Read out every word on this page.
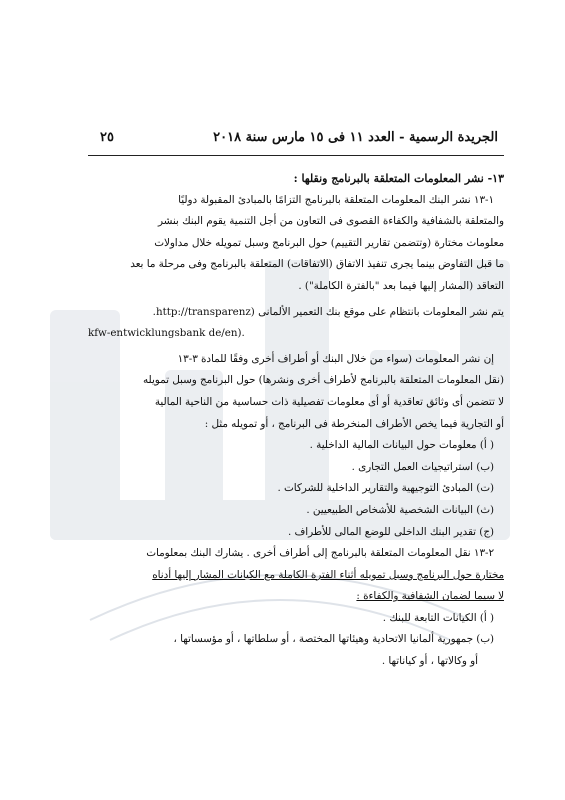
الجريدة الرسمية - العدد ١١ فى ١٥ مارس سنة ٢٠١٨
٢٥

١٣- نشر المعلومات المتعلقة بالبرنامج ونقلها :

١-١٣ نشر البنك المعلومات المتعلقة بالبرنامج التزامًا بالمبادئ المقبولة دوليًا

والمتعلقة بالشفافية والكفاءة القصوى فى التعاون من أجل التنمية يقوم البنك بنشر

معلومات مختارة (وتتضمن تقارير التقييم) حول البرنامج وسبل تمويله خلال مداولات

ما قبل التفاوض بينما يجرى تنفيذ الاتفاق (الاتفاقات) المتعلقة بالبرنامج وفى مرحلة ما بعد

التعاقد (المشار إليها فيما بعد "بالفترة الكاملة") .

يتم نشر المعلومات بانتظام على موقع بنك التعمير الألمانى (http://transparenz.

kfw-entwicklungsbank de/en).

إن نشر المعلومات (سواء من خلال البنك أو أطراف أخرى وفقًا للمادة ٣-١٣

(نقل المعلومات المتعلقة بالبرنامج لأطراف أخرى ونشرها) حول البرنامج وسبل تمويله

لا تتضمن أى وثائق تعاقدية أو أى معلومات تفصيلية ذات حساسية من الناحية المالية

أو التجارية فيما يخص الأطراف المنخرطة فى البرنامج ، أو تمويله مثل :

( أ) معلومات حول البيانات المالية الداخلية .

(ب) استراتيجيات العمل التجارى .

(ت) المبادئ التوجيهية والتقارير الداخلية للشركات .

(ث) البيانات الشخصية للأشخاص الطبيعيين .

(ج) تقدير البنك الداخلى للوضع المالى للأطراف .

٢-١٣ نقل المعلومات المتعلقة بالبرنامج إلى أطراف أخرى . يشارك البنك بمعلومات

مختارة حول البرنامج وسبل تمويله أثناء الفترة الكاملة مع الكيانات المشار إليها أدناه

لا سيما لضمان الشفافية والكفاءة :

( أ) الكيانات التابعة للبنك .

(ب) جمهورية ألمانيا الاتحادية وهيئاتها المختصة ، أو سلطاتها ، أو مؤسساتها ،

أو وكالاتها ، أو كياناتها .
